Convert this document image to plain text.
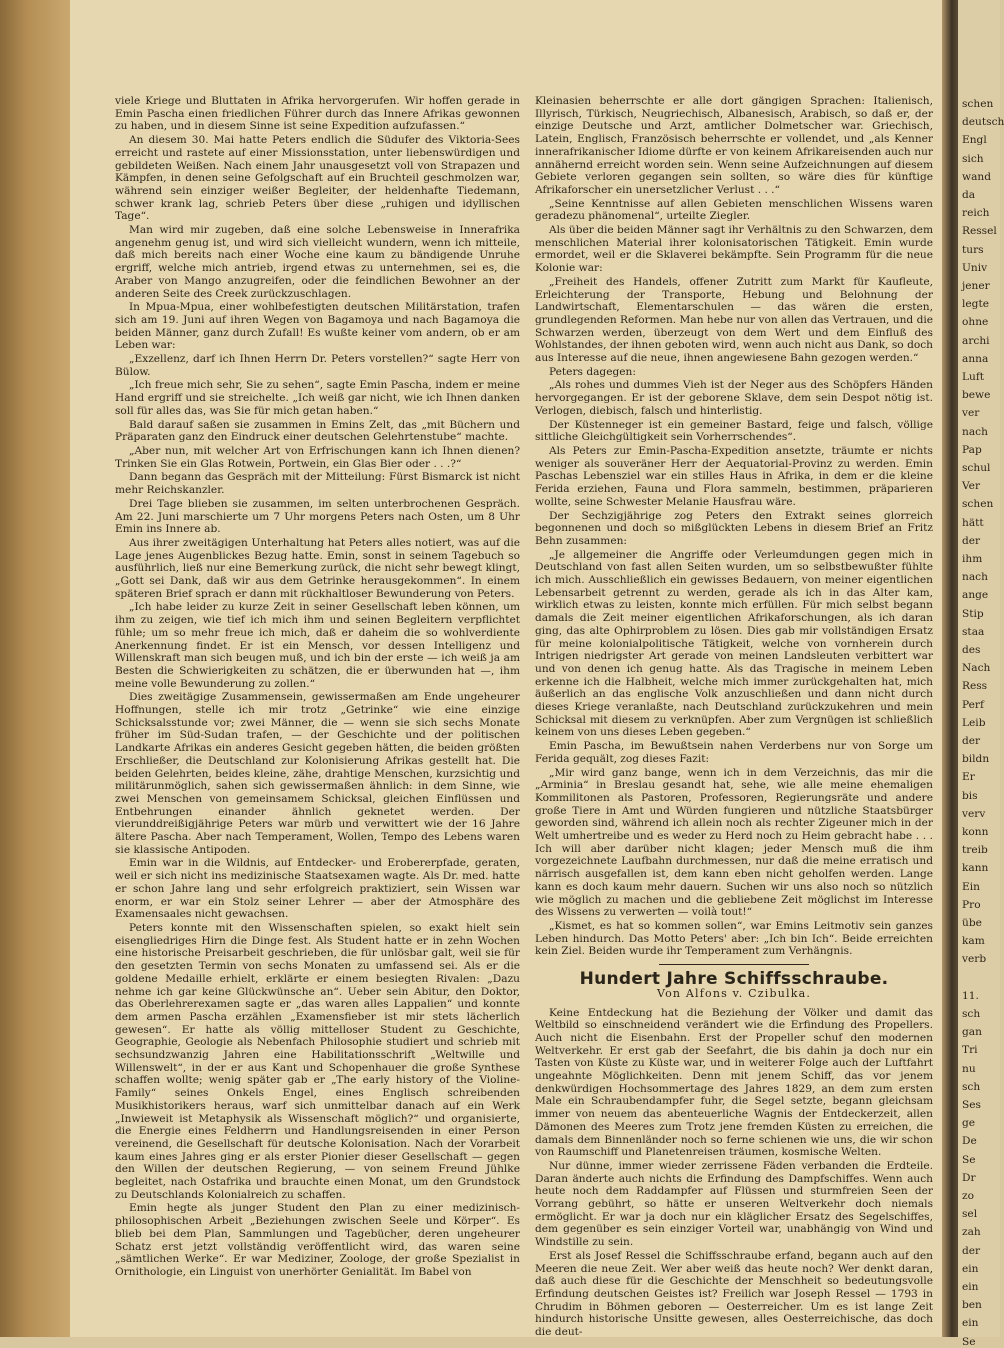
schen
deutsch
Engl
sich
wand
da
reich
Ressel
turs
Univ
jener
legte
ohne
archi
anna
Luft
bewe
ver
nach
Pap
schul
Ver
schen
hätt
der
ihm
nach
ange
Stip
staa
des
Nach
Ress
Perf
Leib
der
bildn
Er
bis
verv
konn
treib
kann
Ein
Pro
übe
kam
verb
11.
sch
gan
Tri
nu
sch
Ses
ge
De
Se
Dr
zo
sel
zah
der
ein
ein
ben
ein
Se

viele Kriege und Bluttaten in Afrika hervorgerufen. Wir hoffen gerade in Emin Pascha einen friedlichen Führer durch das Innere Afrikas gewonnen zu haben, und in diesem Sinne ist seine Expedition aufzufassen.“

An diesem 30. Mai hatte Peters endlich die Südufer des Viktoria-Sees erreicht und rastete auf einer Missionsstation, unter liebenswürdigen und gebildeten Weißen. Nach einem Jahr unausgesetzt voll von Strapazen und Kämpfen, in denen seine Gefolgschaft auf ein Bruchteil geschmolzen war, während sein einziger weißer Begleiter, der heldenhafte Tiedemann, schwer krank lag, schrieb Peters über diese „ruhigen und idyllischen Tage“.

Man wird mir zugeben, daß eine solche Lebensweise in Innerafrika angenehm genug ist, und wird sich vielleicht wundern, wenn ich mitteile, daß mich bereits nach einer Woche eine kaum zu bändigende Unruhe ergriff, welche mich antrieb, irgend etwas zu unternehmen, sei es, die Araber von Mango anzugreifen, oder die feindlichen Bewohner an der anderen Seite des Creek zurückzuschlagen.

In Mpua-Mpua, einer wohlbefestigten deutschen Militärstation, trafen sich am 19. Juni auf ihren Wegen von Bagamoya und nach Bagamoya die beiden Männer, ganz durch Zufall! Es wußte keiner vom andern, ob er am Leben war:

„Exzellenz, darf ich Ihnen Herrn Dr. Peters vorstellen?“ sagte Herr von Bülow.

„Ich freue mich sehr, Sie zu sehen“, sagte Emin Pascha, indem er meine Hand ergriff und sie streichelte. „Ich weiß gar nicht, wie ich Ihnen danken soll für alles das, was Sie für mich getan haben.“

Bald darauf saßen sie zusammen in Emins Zelt, das „mit Büchern und Präparaten ganz den Eindruck einer deutschen Gelehrtenstube“ machte.

„Aber nun, mit welcher Art von Erfrischungen kann ich Ihnen dienen? Trinken Sie ein Glas Rotwein, Portwein, ein Glas Bier oder . . .?“

Dann begann das Gespräch mit der Mitteilung: Fürst Bismarck ist nicht mehr Reichskanzler.

Drei Tage blieben sie zusammen, im selten unterbrochenen Gespräch. Am 22. Juni marschierte um 7 Uhr morgens Peters nach Osten, um 8 Uhr Emin ins Innere ab.

Aus ihrer zweitägigen Unterhaltung hat Peters alles notiert, was auf die Lage jenes Augenblickes Bezug hatte. Emin, sonst in seinem Tagebuch so ausführlich, ließ nur eine Bemerkung zurück, die nicht sehr bewegt klingt, „Gott sei Dank, daß wir aus dem Getrinke herausgekommen“. In einem späteren Brief sprach er dann mit rückhaltloser Bewunderung von Peters.

„Ich habe leider zu kurze Zeit in seiner Gesellschaft leben können, um ihm zu zeigen, wie tief ich mich ihm und seinen Begleitern verpflichtet fühle; um so mehr freue ich mich, daß er daheim die so wohlverdiente Anerkennung findet. Er ist ein Mensch, vor dessen Intelligenz und Willenskraft man sich beugen muß, und ich bin der erste — ich weiß ja am Besten die Schwierigkeiten zu schätzen, die er überwunden hat —, ihm meine volle Bewunderung zu zollen.“

Dies zweitägige Zusammensein, gewissermaßen am Ende ungeheurer Hoffnungen, stelle ich mir trotz „Getrinke“ wie eine einzige Schicksalsstunde vor; zwei Männer, die — wenn sie sich sechs Monate früher im Süd-Sudan trafen, — der Geschichte und der politischen Landkarte Afrikas ein anderes Gesicht gegeben hätten, die beiden größten Erschließer, die Deutschland zur Kolonisierung Afrikas gestellt hat. Die beiden Gelehrten, beides kleine, zähe, drahtige Menschen, kurzsichtig und militärunmöglich, sahen sich gewissermaßen ähnlich: in dem Sinne, wie zwei Menschen von gemeinsamem Schicksal, gleichen Einflüssen und Entbehrungen einander ähnlich geknetet werden. Der vierunddreißigjährige Peters war mürb und verwittert wie der 16 Jahre ältere Pascha. Aber nach Temperament, Wollen, Tempo des Lebens waren sie klassische Antipoden.

Emin war in die Wildnis, auf Entdecker- und Erobererpfade, geraten, weil er sich nicht ins medizinische Staatsexamen wagte. Als Dr. med. hatte er schon Jahre lang und sehr erfolgreich praktiziert, sein Wissen war enorm, er war ein Stolz seiner Lehrer — aber der Atmosphäre des Examensaales nicht gewachsen.

Peters konnte mit den Wissenschaften spielen, so exakt hielt sein eisengliedriges Hirn die Dinge fest. Als Student hatte er in zehn Wochen eine historische Preisarbeit geschrieben, die für unlösbar galt, weil sie für den gesetzten Termin von sechs Monaten zu umfassend sei. Als er die goldene Medaille erhielt, erklärte er einem besiegten Rivalen: „Dazu nehme ich gar keine Glückwünsche an“. Ueber sein Abitur, den Doktor, das Oberlehrerexamen sagte er „das waren alles Lappalien“ und konnte dem armen Pascha erzählen „Examensfieber ist mir stets lächerlich gewesen“. Er hatte als völlig mittelloser Student zu Geschichte, Geographie, Geologie als Nebenfach Philosophie studiert und schrieb mit sechsundzwanzig Jahren eine Habilitationsschrift „Weltwille und Willenswelt“, in der er aus Kant und Schopenhauer die große Synthese schaffen wollte; wenig später gab er „The early history of the Violine-Family“ seines Onkels Engel, eines Englisch schreibenden Musikhistorikers heraus, warf sich unmittelbar danach auf ein Werk „Inwieweit ist Metaphysik als Wissenschaft möglich?“ und organisierte, die Energie eines Feldherrn und Handlungsreisenden in einer Person vereinend, die Gesellschaft für deutsche Kolonisation. Nach der Vorarbeit kaum eines Jahres ging er als erster Pionier dieser Gesellschaft — gegen den Willen der deutschen Regierung, — von seinem Freund Jühlke begleitet, nach Ostafrika und brauchte einen Monat, um den Grundstock zu Deutschlands Kolonialreich zu schaffen.

Emin hegte als junger Student den Plan zu einer medizinisch-philosophischen Arbeit „Beziehungen zwischen Seele und Körper“. Es blieb bei dem Plan, Sammlungen und Tagebücher, deren ungeheurer Schatz erst jetzt vollständig veröffentlicht wird, das waren seine „sämtlichen Werke“. Er war Mediziner, Zoologe, der große Spezialist in Ornithologie, ein Linguist von unerhörter Genialität. Im Babel von

Kleinasien beherrschte er alle dort gängigen Sprachen: Italienisch, Illyrisch, Türkisch, Neugriechisch, Albanesisch, Arabisch, so daß er, der einzige Deutsche und Arzt, amtlicher Dolmetscher war. Griechisch, Latein, Englisch, Französisch beherrschte er vollendet, und „als Kenner innerafrikanischer Idiome dürfte er von keinem Afrikareisenden auch nur annähernd erreicht worden sein. Wenn seine Aufzeichnungen auf diesem Gebiete verloren gegangen sein sollten, so wäre dies für künftige Afrikaforscher ein unersetzlicher Verlust . . .“

„Seine Kenntnisse auf allen Gebieten menschlichen Wissens waren geradezu phänomenal“, urteilte Ziegler.

Als über die beiden Männer sagt ihr Verhältnis zu den Schwarzen, dem menschlichen Material ihrer kolonisatorischen Tätigkeit. Emin wurde ermordet, weil er die Sklaverei bekämpfte. Sein Programm für die neue Kolonie war:

„Freiheit des Handels, offener Zutritt zum Markt für Kaufleute, Erleichterung der Transporte, Hebung und Belohnung der Landwirtschaft, Elementarschulen — das wären die ersten, grundlegenden Reformen. Man hebe nur von allen das Vertrauen, und die Schwarzen werden, überzeugt von dem Wert und dem Einfluß des Wohlstandes, der ihnen geboten wird, wenn auch nicht aus Dank, so doch aus Interesse auf die neue, ihnen angewiesene Bahn gezogen werden.“

Peters dagegen:

„Als rohes und dummes Vieh ist der Neger aus des Schöpfers Händen hervorgegangen. Er ist der geborene Sklave, dem sein Despot nötig ist. Verlogen, diebisch, falsch und hinterlistig.

Der Küstenneger ist ein gemeiner Bastard, feige und falsch, völlige sittliche Gleichgültigkeit sein Vorherrschendes“.

Als Peters zur Emin-Pascha-Expedition ansetzte, träumte er nichts weniger als souveräner Herr der Aequatorial-Provinz zu werden. Emin Paschas Lebensziel war ein stilles Haus in Afrika, in dem er die kleine Ferida erziehen, Fauna und Flora sammeln, bestimmen, präparieren wollte, seine Schwester Melanie Hausfrau wäre.

Der Sechzigjährige zog Peters den Extrakt seines glorreich begonnenen und doch so mißglückten Lebens in diesem Brief an Fritz Behn zusammen:

„Je allgemeiner die Angriffe oder Verleumdungen gegen mich in Deutschland von fast allen Seiten wurden, um so selbstbewußter fühlte ich mich. Ausschließlich ein gewisses Bedauern, von meiner eigentlichen Lebensarbeit getrennt zu werden, gerade als ich in das Alter kam, wirklich etwas zu leisten, konnte mich erfüllen. Für mich selbst begann damals die Zeit meiner eigentlichen Afrikaforschungen, als ich daran ging, das alte Ophirproblem zu lösen. Dies gab mir vollständigen Ersatz für meine kolonialpolitische Tätigkeit, welche von vornherein durch Intrigen niedrigster Art gerade von meinen Landsleuten verbittert war und von denen ich genug hatte. Als das Tragische in meinem Leben erkenne ich die Halbheit, welche mich immer zurückgehalten hat, mich äußerlich an das englische Volk anzuschließen und dann nicht durch dieses Kriege veranlaßte, nach Deutschland zurückzukehren und mein Schicksal mit diesem zu verknüpfen. Aber zum Vergnügen ist schließlich keinem von uns dieses Leben gegeben.“

Emin Pascha, im Bewußtsein nahen Verderbens nur von Sorge um Ferida gequält, zog dieses Fazit:

„Mir wird ganz bange, wenn ich in dem Verzeichnis, das mir die „Arminia“ in Breslau gesandt hat, sehe, wie alle meine ehemaligen Kommilitonen als Pastoren, Professoren, Regierungsräte und andere große Tiere in Amt und Würden fungieren und nützliche Staatsbürger geworden sind, während ich allein noch als rechter Zigeuner mich in der Welt umhertreibe und es weder zu Herd noch zu Heim gebracht habe . . . Ich will aber darüber nicht klagen; jeder Mensch muß die ihm vorgezeichnete Laufbahn durchmessen, nur daß die meine erratisch und närrisch ausgefallen ist, dem kann eben nicht geholfen werden. Lange kann es doch kaum mehr dauern. Suchen wir uns also noch so nützlich wie möglich zu machen und die gebliebene Zeit möglichst im Interesse des Wissens zu verwerten — voilà tout!“

„Kismet, es hat so kommen sollen“, war Emins Leitmotiv sein ganzes Leben hindurch. Das Motto Peters' aber: „Ich bin Ich“. Beide erreichten kein Ziel. Beiden wurde ihr Temperament zum Verhängnis.

Hundert Jahre Schiffsschraube.
Von Alfons v. Czibulka.

Keine Entdeckung hat die Beziehung der Völker und damit das Weltbild so einschneidend verändert wie die Erfindung des Propellers. Auch nicht die Eisenbahn. Erst der Propeller schuf den modernen Weltverkehr. Er erst gab der Seefahrt, die bis dahin ja doch nur ein Tasten von Küste zu Küste war, und in weiterer Folge auch der Luftfahrt ungeahnte Möglichkeiten. Denn mit jenem Schiff, das vor jenem denkwürdigen Hochsommertage des Jahres 1829, an dem zum ersten Male ein Schraubendampfer fuhr, die Segel setzte, begann gleichsam immer von neuem das abenteuerliche Wagnis der Entdeckerzeit, allen Dämonen des Meeres zum Trotz jene fremden Küsten zu erreichen, die damals dem Binnenländer noch so ferne schienen wie uns, die wir schon von Raumschiff und Planetenreisen träumen, kosmische Welten.

Nur dünne, immer wieder zerrissene Fäden verbanden die Erdteile. Daran änderte auch nichts die Erfindung des Dampfschiffes. Wenn auch heute noch dem Raddampfer auf Flüssen und sturmfreien Seen der Vorrang gebührt, so hätte er unseren Weltverkehr doch niemals ermöglicht. Er war ja doch nur ein kläglicher Ersatz des Segelschiffes, dem gegenüber es sein einziger Vorteil war, unabhängig von Wind und Windstille zu sein.

Erst als Josef Ressel die Schiffsschraube erfand, begann auch auf den Meeren die neue Zeit. Wer aber weiß das heute noch? Wer denkt daran, daß auch diese für die Geschichte der Menschheit so bedeutungsvolle Erfindung deutschen Geistes ist? Freilich war Joseph Ressel — 1793 in Chrudim in Böhmen geboren — Oesterreicher. Um es ist lange Zeit hindurch historische Unsitte gewesen, alles Oesterreichische, das doch die deut-
